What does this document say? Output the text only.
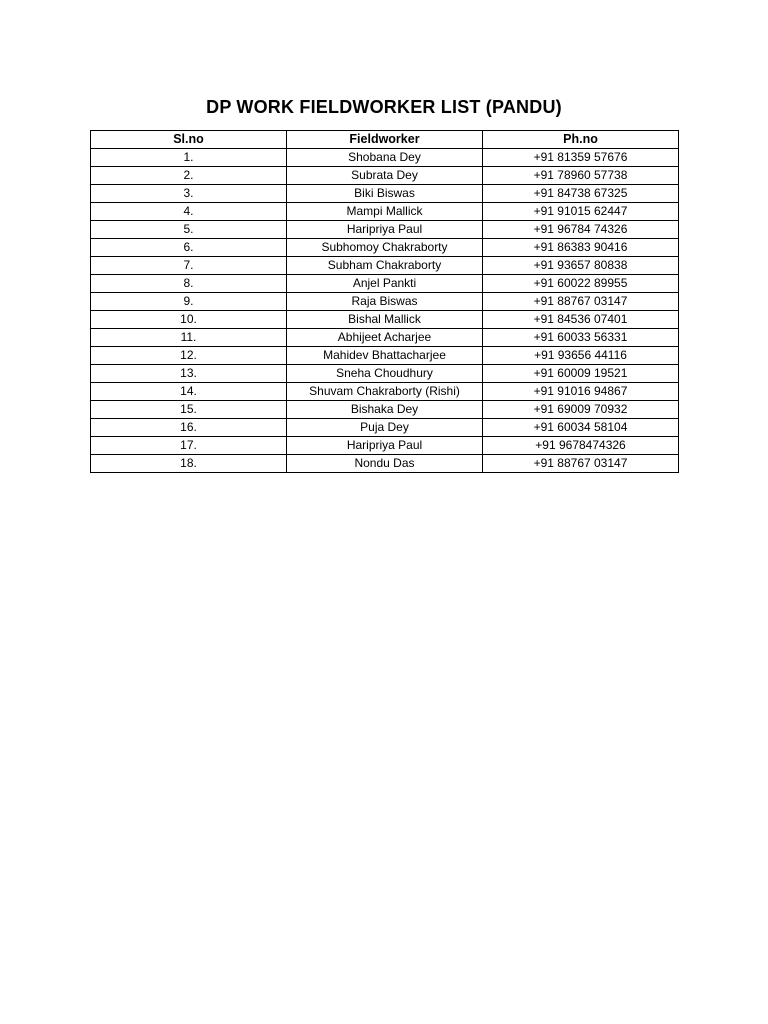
DP WORK FIELDWORKER LIST (PANDU)
Sl.no	Fieldworker	Ph.no
1.	Shobana Dey	+91 81359 57676
2.	Subrata Dey	+91 78960 57738
3.	Biki Biswas	+91 84738 67325
4.	Mampi Mallick	+91 91015 62447
5.	Haripriya Paul	+91 96784 74326
6.	Subhomoy Chakraborty	+91 86383 90416
7.	Subham Chakraborty	+91 93657 80838
8.	Anjel Pankti	+91 60022 89955
9.	Raja Biswas	+91 88767 03147
10.	Bishal Mallick	+91 84536 07401
11.	Abhijeet Acharjee	+91 60033 56331
12.	Mahidev Bhattacharjee	+91 93656 44116
13.	Sneha Choudhury	+91 60009 19521
14.	Shuvam Chakraborty (Rishi)	+91 91016 94867
15.	Bishaka Dey	+91 69009 70932
16.	Puja Dey	+91 60034 58104
17.	Haripriya Paul	+91 9678474326
18.	Nondu Das	+91 88767 03147
